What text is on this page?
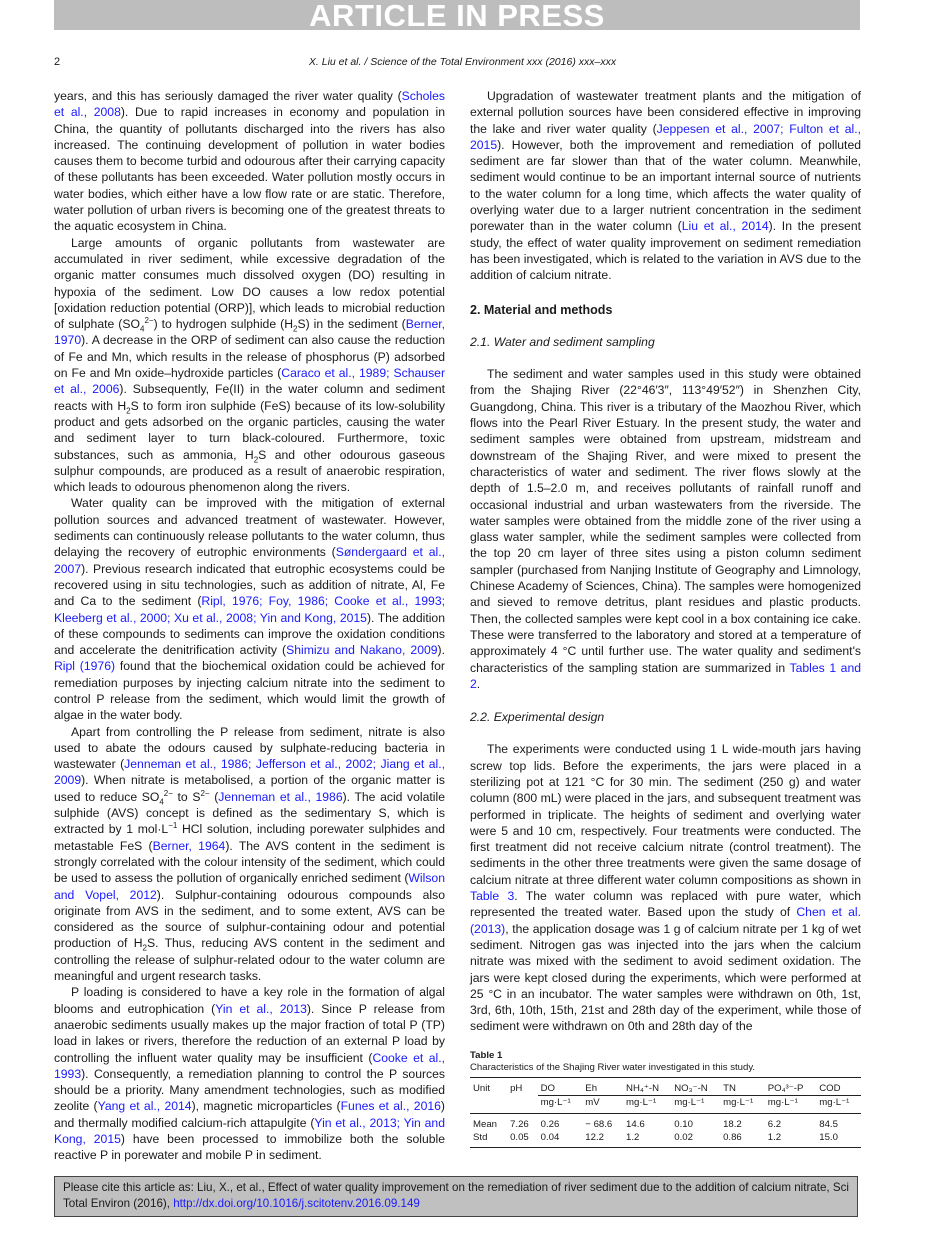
ARTICLE IN PRESS
2	X. Liu et al. / Science of the Total Environment xxx (2016) xxx–xxx

years, and this has seriously damaged the river water quality (Scholes et al., 2008). Due to rapid increases in economy and population in China, the quantity of pollutants discharged into the rivers has also increased. The continuing development of pollution in water bodies causes them to become turbid and odourous after their carrying capacity of these pollutants has been exceeded. Water pollution mostly occurs in water bodies, which either have a low flow rate or are static. Therefore, water pollution of urban rivers is becoming one of the greatest threats to the aquatic ecosystem in China.

Large amounts of organic pollutants from wastewater are accumulated in river sediment, while excessive degradation of the organic matter consumes much dissolved oxygen (DO) resulting in hypoxia of the sediment. Low DO causes a low redox potential [oxidation reduction potential (ORP)], which leads to microbial reduction of sulphate $(SO_4^{2-})$ to hydrogen sulphide $(H_2S)$ in the sediment (Berner, 1970). A decrease in the ORP of sediment can also cause the reduction of Fe and Mn, which results in the release of phosphorus (P) adsorbed on Fe and Mn oxide–hydroxide particles (Caraco et al., 1989; Schauser et al., 2006). Subsequently, Fe(II) in the water column and sediment reacts with $H_2S$ to form iron sulphide (FeS) because of its low-solubility product and gets adsorbed on the organic particles, causing the water and sediment layer to turn black-coloured. Furthermore, toxic substances, such as ammonia, $H_2S$ and other odourous gaseous sulphur compounds, are produced as a result of anaerobic respiration, which leads to odourous phenomenon along the rivers.

Water quality can be improved with the mitigation of external pollution sources and advanced treatment of wastewater. However, sediments can continuously release pollutants to the water column, thus delaying the recovery of eutrophic environments (Søndergaard et al., 2007). Previous research indicated that eutrophic ecosystems could be recovered using in situ technologies, such as addition of nitrate, Al, Fe and Ca to the sediment (Ripl, 1976; Foy, 1986; Cooke et al., 1993; Kleeberg et al., 2000; Xu et al., 2008; Yin and Kong, 2015). The addition of these compounds to sediments can improve the oxidation conditions and accelerate the denitrification activity (Shimizu and Nakano, 2009). Ripl (1976) found that the biochemical oxidation could be achieved for remediation purposes by injecting calcium nitrate into the sediment to control P release from the sediment, which would limit the growth of algae in the water body.

Apart from controlling the P release from sediment, nitrate is also used to abate the odours caused by sulphate-reducing bacteria in wastewater (Jenneman et al., 1986; Jefferson et al., 2002; Jiang et al., 2009). When nitrate is metabolised, a portion of the organic matter is used to reduce $SO_4^{2-}$ to $S^{2-}$ (Jenneman et al., 1986). The acid volatile sulphide (AVS) concept is defined as the sedimentary S, which is extracted by 1 $mol\cdot L^{-1}$ HCl solution, including porewater sulphides and metastable FeS (Berner, 1964). The AVS content in the sediment is strongly correlated with the colour intensity of the sediment, which could be used to assess the pollution of organically enriched sediment (Wilson and Vopel, 2012). Sulphur-containing odourous compounds also originate from AVS in the sediment, and to some extent, AVS can be considered as the source of sulphur-containing odour and potential production of $H_2S$. Thus, reducing AVS content in the sediment and controlling the release of sulphur-related odour to the water column are meaningful and urgent research tasks.

P loading is considered to have a key role in the formation of algal blooms and eutrophication (Yin et al., 2013). Since P release from anaerobic sediments usually makes up the major fraction of total P (TP) load in lakes or rivers, therefore the reduction of an external P load by controlling the influent water quality may be insufficient (Cooke et al., 1993). Consequently, a remediation planning to control the P sources should be a priority. Many amendment technologies, such as modified zeolite (Yang et al., 2014), magnetic microparticles (Funes et al., 2016) and thermally modified calcium-rich attapulgite (Yin et al., 2013; Yin and Kong, 2015) have been processed to immobilize both the soluble reactive P in porewater and mobile P in sediment.

Upgradation of wastewater treatment plants and the mitigation of external pollution sources have been considered effective in improving the lake and river water quality (Jeppesen et al., 2007; Fulton et al., 2015). However, both the improvement and remediation of polluted sediment are far slower than that of the water column. Meanwhile, sediment would continue to be an important internal source of nutrients to the water column for a long time, which affects the water quality of overlying water due to a larger nutrient concentration in the sediment porewater than in the water column (Liu et al., 2014). In the present study, the effect of water quality improvement on sediment remediation has been investigated, which is related to the variation in AVS due to the addition of calcium nitrate.

2. Material and methods
2.1. Water and sediment sampling

The sediment and water samples used in this study were obtained from the Shajing River (22°46′3″, 113°49′52″) in Shenzhen City, Guangdong, China. This river is a tributary of the Maozhou River, which flows into the Pearl River Estuary. In the present study, the water and sediment samples were obtained from upstream, midstream and downstream of the Shajing River, and were mixed to present the characteristics of water and sediment. The river flows slowly at the depth of 1.5–2.0 m, and receives pollutants of rainfall runoff and occasional industrial and urban wastewaters from the riverside. The water samples were obtained from the middle zone of the river using a glass water sampler, while the sediment samples were collected from the top 20 cm layer of three sites using a piston column sediment sampler (purchased from Nanjing Institute of Geography and Limnology, Chinese Academy of Sciences, China). The samples were homogenized and sieved to remove detritus, plant residues and plastic products. Then, the collected samples were kept cool in a box containing ice cake. These were transferred to the laboratory and stored at a temperature of approximately 4 °C until further use. The water quality and sediment's characteristics of the sampling station are summarized in Tables 1 and 2.

2.2. Experimental design

The experiments were conducted using 1 L wide-mouth jars having screw top lids. Before the experiments, the jars were placed in a sterilizing pot at 121 °C for 30 min. The sediment (250 g) and water column (800 mL) were placed in the jars, and subsequent treatment was performed in triplicate. The heights of sediment and overlying water were 5 and 10 cm, respectively. Four treatments were conducted. The first treatment did not receive calcium nitrate (control treatment). The sediments in the other three treatments were given the same dosage of calcium nitrate at three different water column compositions as shown in Table 3. The water column was replaced with pure water, which represented the treated water. Based upon the study of Chen et al. (2013), the application dosage was 1 g of calcium nitrate per 1 kg of wet sediment. Nitrogen gas was injected into the jars when the calcium nitrate was mixed with the sediment to avoid sediment oxidation. The jars were kept closed during the experiments, which were performed at 25 °C in an incubator. The water samples were withdrawn on 0th, 1st, 3rd, 6th, 10th, 15th, 21st and 28th day of the experiment, while those of sediment were withdrawn on 0th and 28th day of the

Table 1
Characteristics of the Shajing River water investigated in this study.
Unit	pH	DO	Eh	NH₄⁺-N	NO₃⁻-N	TN	PO₄³⁻-P	COD
		mg·L⁻¹	mV	mg·L⁻¹	mg·L⁻¹	mg·L⁻¹	mg·L⁻¹	mg·L⁻¹
Mean	7.26	0.26	− 68.6	14.6	0.10	18.2	6.2	84.5
Std	0.05	0.04	12.2	1.2	0.02	0.86	1.2	15.0
Please cite this article as: Liu, X., et al., Effect of water quality improvement on the remediation of river sediment due to the addition of calcium nitrate, Sci Total Environ (2016), http://dx.doi.org/10.1016/j.scitotenv.2016.09.149
